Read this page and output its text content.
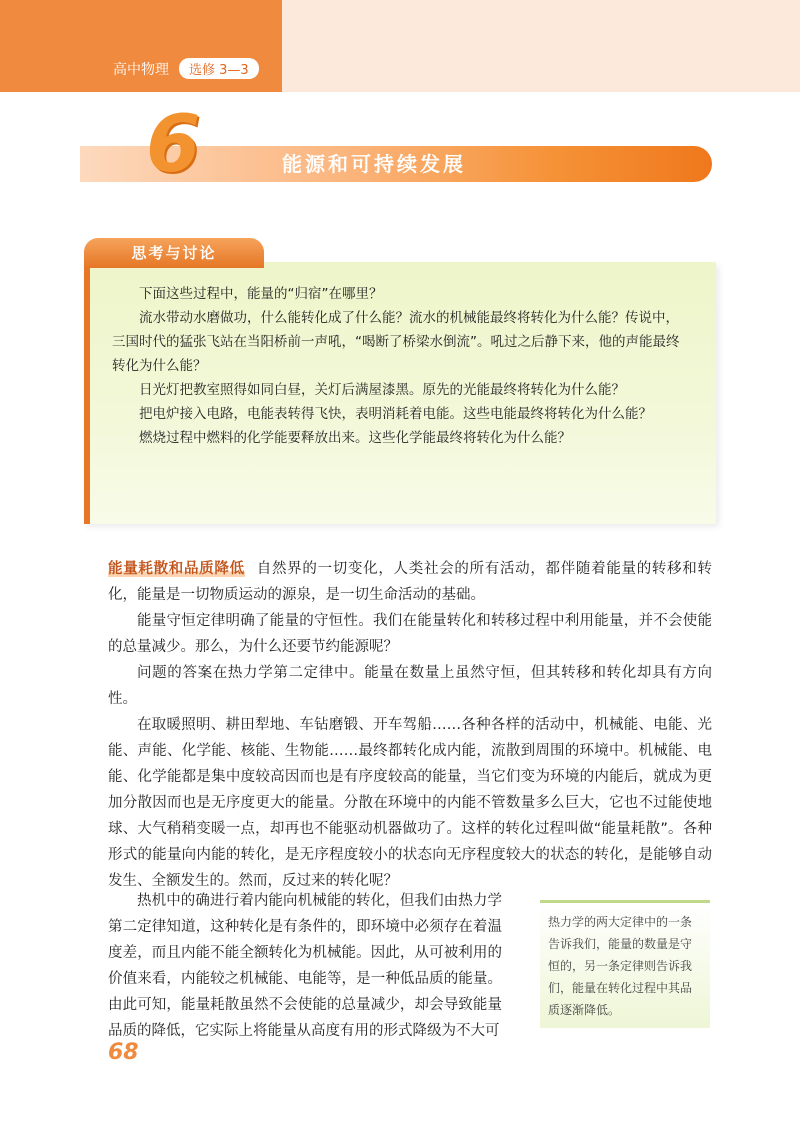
高中物理	选修 3—3
6	能源和可持续发展
思考与讨论

下面这些过程中，能量的“归宿”在哪里？

流水带动水磨做功，什么能转化成了什么能？流水的机械能最终将转化为什么能？传说中，三国时代的猛张飞站在当阳桥前一声吼，“喝断了桥梁水倒流”。吼过之后静下来，他的声能最终转化为什么能？

日光灯把教室照得如同白昼，关灯后满屋漆黑。原先的光能最终将转化为什么能？

把电炉接入电路，电能表转得飞快，表明消耗着电能。这些电能最终将转化为什么能？

燃烧过程中燃料的化学能要释放出来。这些化学能最终将转化为什么能？

能量耗散和品质降低 自然界的一切变化，人类社会的所有活动，都伴随着能量的转移和转化，能量是一切物质运动的源泉，是一切生命活动的基础。

能量守恒定律明确了能量的守恒性。我们在能量转化和转移过程中利用能量，并不会使能的总量减少。那么，为什么还要节约能源呢？

问题的答案在热力学第二定律中。能量在数量上虽然守恒，但其转移和转化却具有方向性。

在取暖照明、耕田犁地、车钻磨锻、开车驾船……各种各样的活动中，机械能、电能、光能、声能、化学能、核能、生物能……最终都转化成内能，流散到周围的环境中。机械能、电能、化学能都是集中度较高因而也是有序度较高的能量，当它们变为环境的内能后，就成为更加分散因而也是无序度更大的能量。分散在环境中的内能不管数量多么巨大，它也不过能使地球、大气稍稍变暖一点，却再也不能驱动机器做功了。这样的转化过程叫做“能量耗散”。各种形式的能量向内能的转化，是无序程度较小的状态向无序程度较大的状态的转化，是能够自动发生、全额发生的。然而，反过来的转化呢？

热机中的确进行着内能向机械能的转化，但我们由热力学第二定律知道，这种转化是有条件的，即环境中必须存在着温度差，而且内能不能全额转化为机械能。因此，从可被利用的价值来看，内能较之机械能、电能等，是一种低品质的能量。由此可知，能量耗散虽然不会使能的总量减少，却会导致能量品质的降低，它实际上将能量从高度有用的形式降级为不大可

热力学的两大定律中的一条告诉我们，能量的数量是守恒的，另一条定律则告诉我们，能量在转化过程中其品质逐渐降低。
68
